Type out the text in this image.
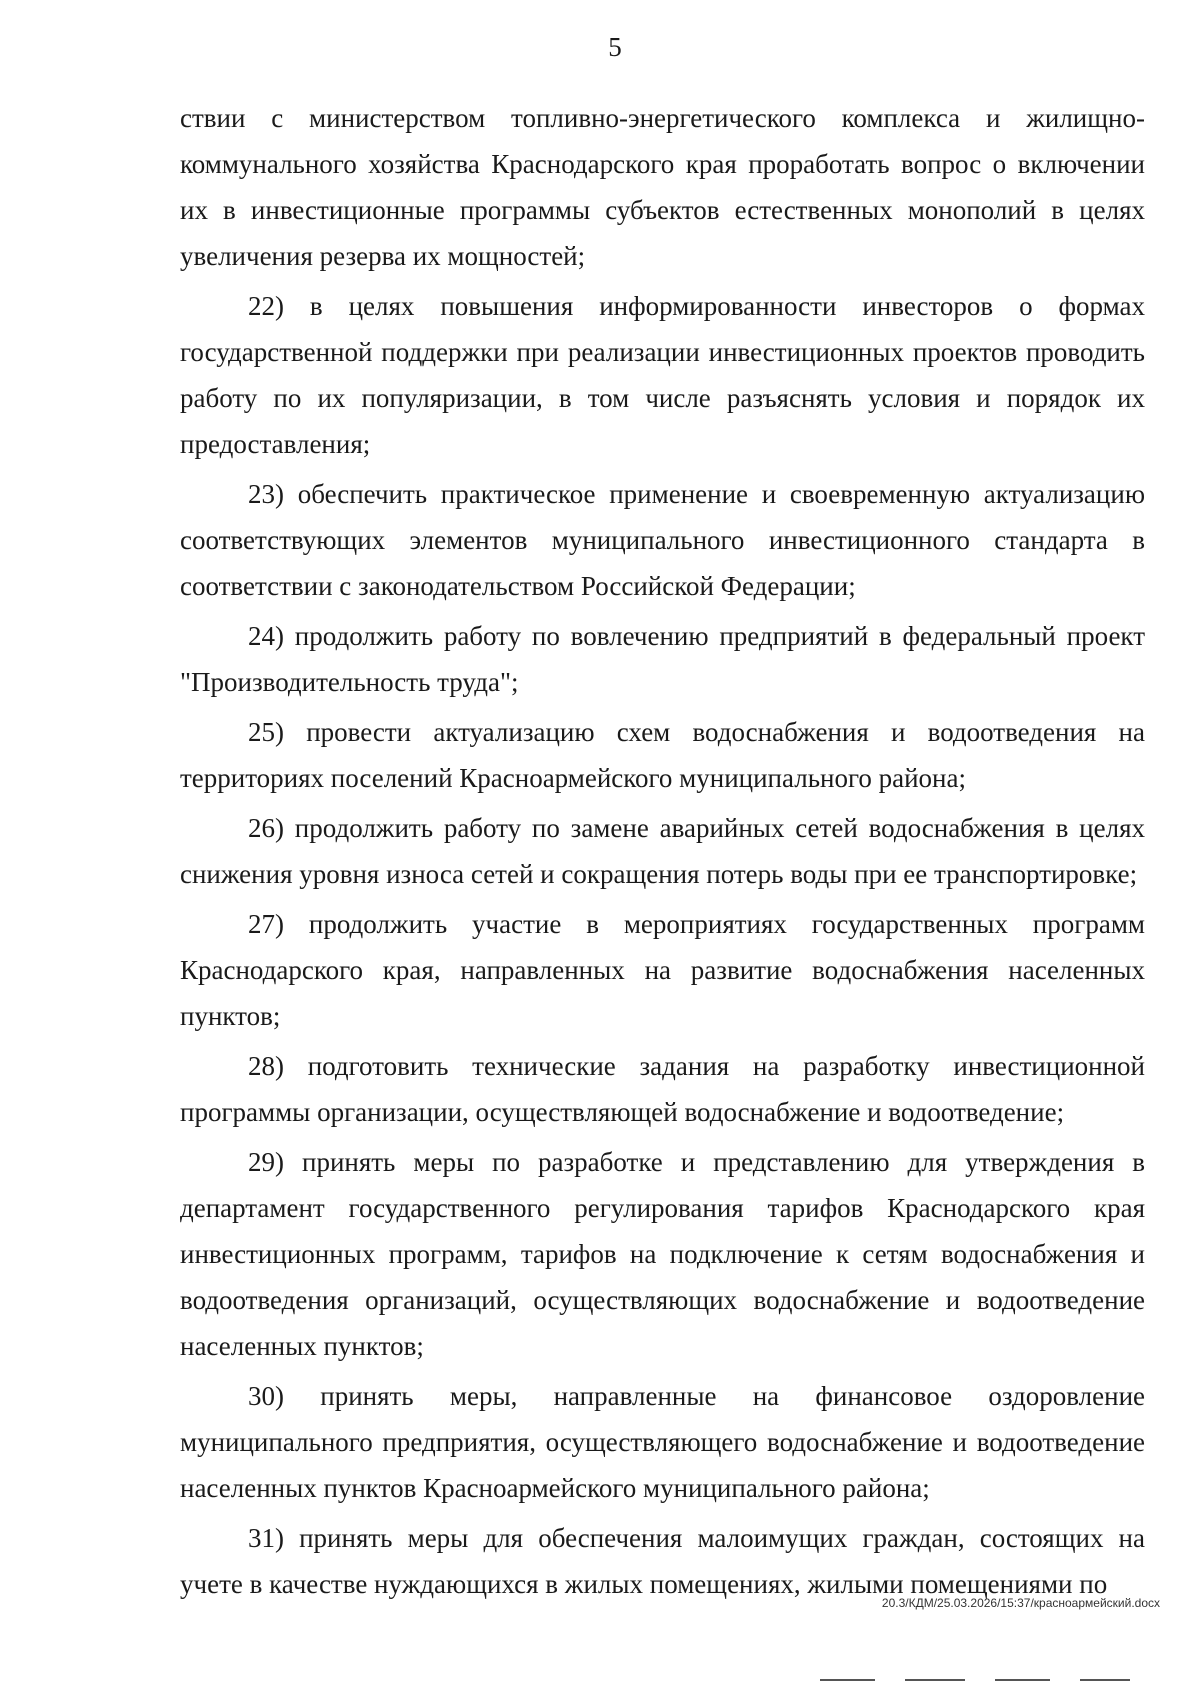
5

ствии с министерством топливно-энергетического комплекса и жилищно-коммунального хозяйства Краснодарского края проработать вопрос о включении их в инвестиционные программы субъектов естественных монополий в целях увеличения резерва их мощностей;

22) в целях повышения информированности инвесторов о формах государственной поддержки при реализации инвестиционных проектов проводить работу по их популяризации, в том числе разъяснять условия и порядок их предоставления;

23) обеспечить практическое применение и своевременную актуализацию соответствующих элементов муниципального инвестиционного стандарта в соответствии с законодательством Российской Федерации;

24) продолжить работу по вовлечению предприятий в федеральный проект "Производительность труда";

25) провести актуализацию схем водоснабжения и водоотведения на территориях поселений Красноармейского муниципального района;

26) продолжить работу по замене аварийных сетей водоснабжения в целях снижения уровня износа сетей и сокращения потерь воды при ее транспортировке;

27) продолжить участие в мероприятиях государственных программ Краснодарского края, направленных на развитие водоснабжения населенных пунктов;

28) подготовить технические задания на разработку инвестиционной программы организации, осуществляющей водоснабжение и водоотведение;

29) принять меры по разработке и представлению для утверждения в департамент государственного регулирования тарифов Краснодарского края инвестиционных программ, тарифов на подключение к сетям водоснабжения и водоотведения организаций, осуществляющих водоснабжение и водоотведение населенных пунктов;

30) принять меры, направленные на финансовое оздоровление муниципального предприятия, осуществляющего водоснабжение и водоотведение населенных пунктов Красноармейского муниципального района;

31) принять меры для обеспечения малоимущих граждан, состоящих на учете в качестве нуждающихся в жилых помещениях, жилыми помещениями по

20.3/КДМ/25.03.2026/15:37/красноармейский.docx
